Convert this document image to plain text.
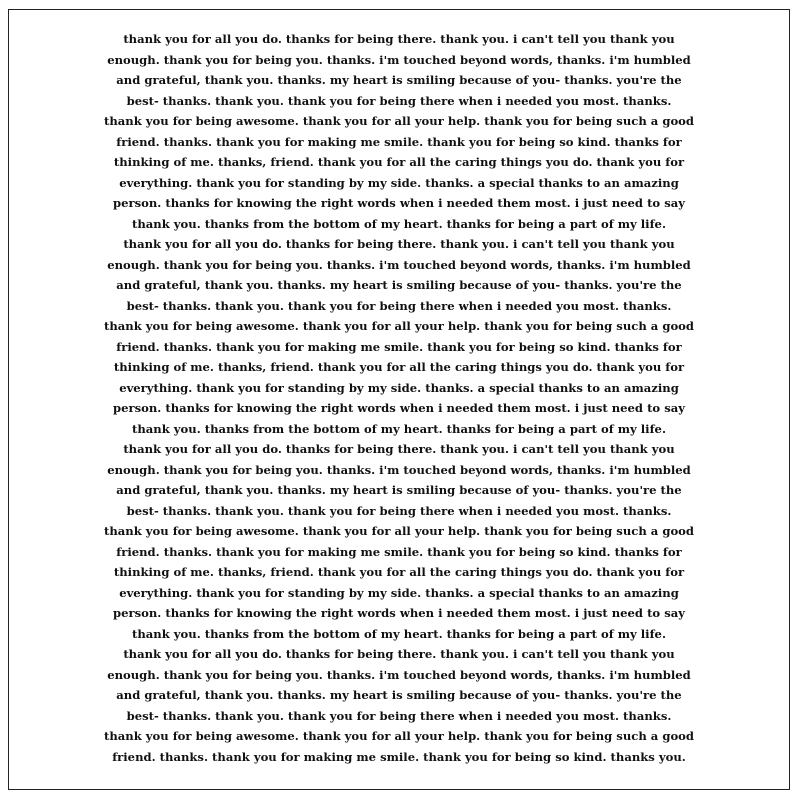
thank you for all you do. thanks for being there. thank you. i can't tell you thank you
enough. thank you for being you. thanks. i'm touched beyond words, thanks. i'm humbled
and grateful, thank you. thanks. my heart is smiling because of you- thanks. you're the
best- thanks. thank you. thank you for being there when i needed you most. thanks.
thank you for being awesome. thank you for all your help. thank you for being such a good
friend. thanks. thank you for making me smile. thank you for being so kind. thanks for
thinking of me. thanks, friend. thank you for all the caring things you do. thank you for
everything. thank you for standing by my side. thanks. a special thanks to an amazing
person. thanks for knowing the right words when i needed them most. i just need to say
thank you. thanks from the bottom of my heart. thanks for being a part of my life.
thank you for all you do. thanks for being there. thank you. i can't tell you thank you
enough. thank you for being you. thanks. i'm touched beyond words, thanks. i'm humbled
and grateful, thank you. thanks. my heart is smiling because of you- thanks. you're the
best- thanks. thank you. thank you for being there when i needed you most. thanks.
thank you for being awesome. thank you for all your help. thank you for being such a good
friend. thanks. thank you for making me smile. thank you for being so kind. thanks for
thinking of me. thanks, friend. thank you for all the caring things you do. thank you for
everything. thank you for standing by my side. thanks. a special thanks to an amazing
person. thanks for knowing the right words when i needed them most. i just need to say
thank you. thanks from the bottom of my heart. thanks for being a part of my life.
thank you for all you do. thanks for being there. thank you. i can't tell you thank you
enough. thank you for being you. thanks. i'm touched beyond words, thanks. i'm humbled
and grateful, thank you. thanks. my heart is smiling because of you- thanks. you're the
best- thanks. thank you. thank you for being there when i needed you most. thanks.
thank you for being awesome. thank you for all your help. thank you for being such a good
friend. thanks. thank you for making me smile. thank you for being so kind. thanks for
thinking of me. thanks, friend. thank you for all the caring things you do. thank you for
everything. thank you for standing by my side. thanks. a special thanks to an amazing
person. thanks for knowing the right words when i needed them most. i just need to say
thank you. thanks from the bottom of my heart. thanks for being a part of my life.
thank you for all you do. thanks for being there. thank you. i can't tell you thank you
enough. thank you for being you. thanks. i'm touched beyond words, thanks. i'm humbled
and grateful, thank you. thanks. my heart is smiling because of you- thanks. you're the
best- thanks. thank you. thank you for being there when i needed you most. thanks.
thank you for being awesome. thank you for all your help. thank you for being such a good
friend. thanks. thank you for making me smile. thank you for being so kind. thanks you.
